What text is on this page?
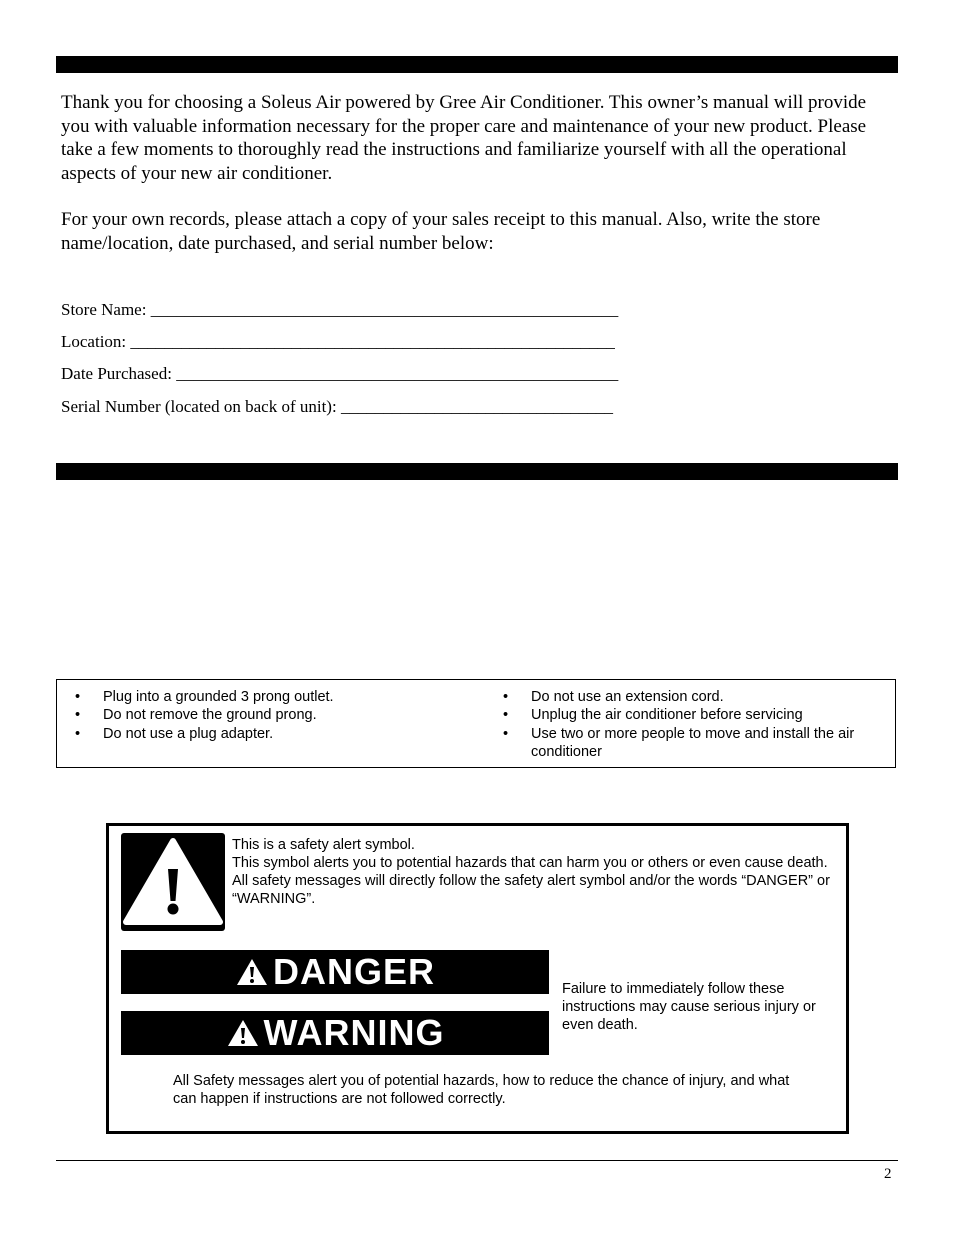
Thank you for choosing a Soleus Air powered by Gree Air Conditioner. This owner’s manual will provide you with valuable information necessary for the proper care and maintenance of your new product. Please take a few moments to thoroughly read the instructions and familiarize yourself with all the operational aspects of your new air conditioner.

For your own records, please attach a copy of your sales receipt to this manual. Also, write the store name/location, date purchased, and serial number below:

Store Name: _______________________________________________________
Location: _________________________________________________________
Date Purchased: ____________________________________________________
Serial Number (located on back of unit): ________________________________
• Plug into a grounded 3 prong outlet.
• Do not remove the ground prong.
• Do not use a plug adapter.
• Do not use an extension cord.
• Unplug the air conditioner before servicing
• Use two or more people to move and install the air conditioner
This is a safety alert symbol.
This symbol alerts you to potential hazards that can harm you or others or even cause death.
All safety messages will directly follow the safety alert symbol and/or the words “DANGER” or “WARNING”.
DANGER
WARNING
Failure to immediately follow these instructions may cause serious injury or even death.
All Safety messages alert you of potential hazards, how to reduce the chance of injury, and what can happen if instructions are not followed correctly.
2
